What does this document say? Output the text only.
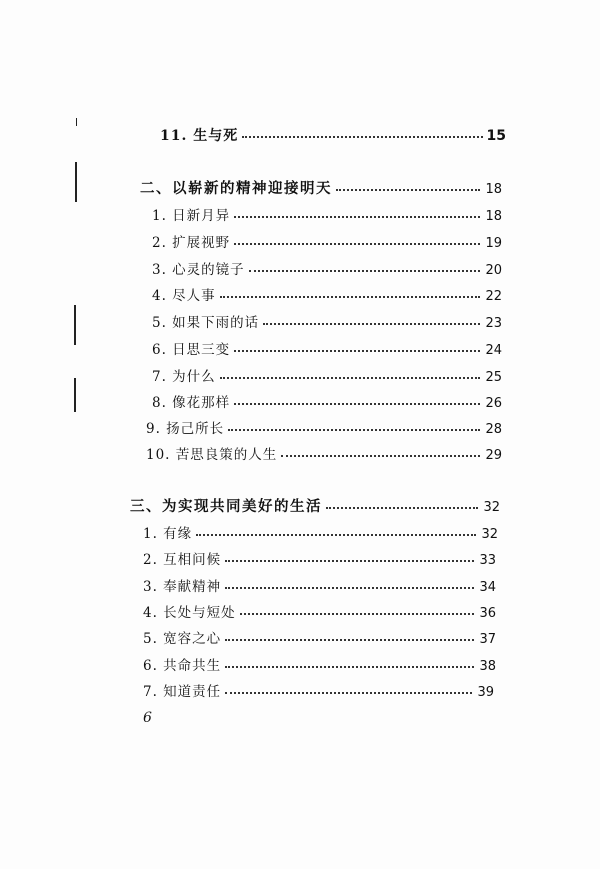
11. 生与死	15
二、以崭新的精神迎接明天	18
1. 日新月异	18
2. 扩展视野	19
3. 心灵的镜子	20
4. 尽人事	22
5. 如果下雨的话	23
6. 日思三变	24
7. 为什么	25
8. 像花那样	26
9. 扬己所长	28
10. 苦思良策的人生	29
三、为实现共同美好的生活	32
1. 有缘	32
2. 互相问候	33
3. 奉献精神	34
4. 长处与短处	36
5. 宽容之心	37
6. 共命共生	38
7. 知道责任	39
6
